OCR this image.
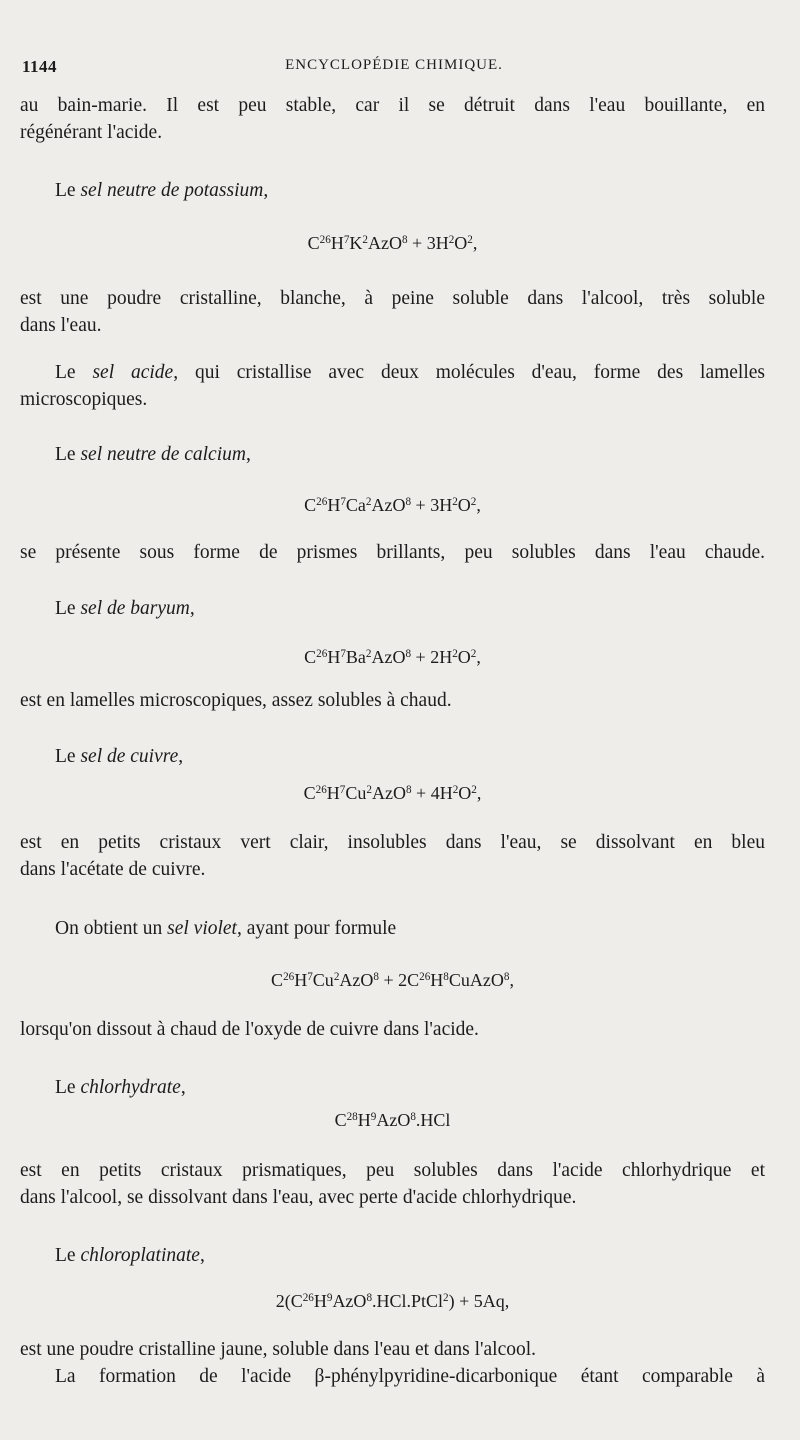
1144	ENCYCLOPÉDIE CHIMIQUE.
au bain-marie. Il est peu stable, car il se détruit dans l'eau bouillante, en
régénérant l'acide.
Le sel neutre de potassium,
$C^{26}H^7K^2AzO^8 + 3H^2O^2$,
est une poudre cristalline, blanche, à peine soluble dans l'alcool, très soluble
dans l'eau.
Le sel acide, qui cristallise avec deux molécules d'eau, forme des lamelles
microscopiques.
Le sel neutre de calcium,
$C^{26}H^7Ca^2AzO^8 + 3H^2O^2$,
se présente sous forme de prismes brillants, peu solubles dans l'eau chaude.
Le sel de baryum,
$C^{26}H^7Ba^2AzO^8 + 2H^2O^2$,
est en lamelles microscopiques, assez solubles à chaud.
Le sel de cuivre,
$C^{26}H^7Cu^2AzO^8 + 4H^2O^2$,
est en petits cristaux vert clair, insolubles dans l'eau, se dissolvant en bleu
dans l'acétate de cuivre.
On obtient un sel violet, ayant pour formule
$C^{26}H^7Cu^2AzO^8$ + $2C^{26}H^8CuAzO^8$,
lorsqu'on dissout à chaud de l'oxyde de cuivre dans l'acide.
Le chlorhydrate,
$C^{28}H^9AzO^8.HCl$
est en petits cristaux prismatiques, peu solubles dans l'acide chlorhydrique et
dans l'alcool, se dissolvant dans l'eau, avec perte d'acide chlorhydrique.
Le chloroplatinate,
$2(C^{26}H^9AzO^8.HCl.PtCl^2) + 5Aq$,
est une poudre cristalline jaune, soluble dans l'eau et dans l'alcool.
La formation de l'acide β-phénylpyridine-dicarbonique étant comparable à
